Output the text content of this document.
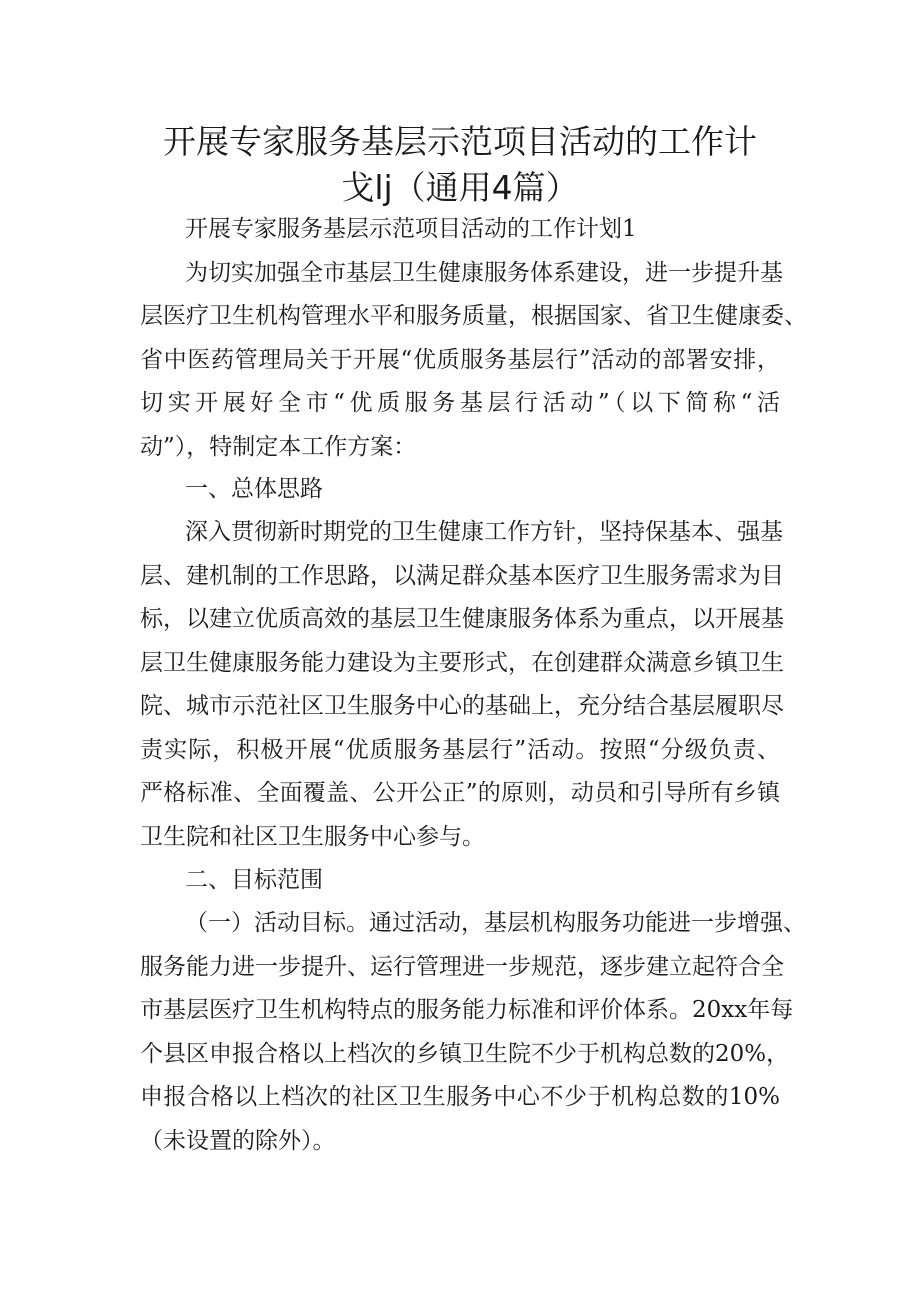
开展专家服务基层示范项目活动的工作计
戈lj（通用4篇）

开展专家服务基层示范项目活动的工作计划1

为切实加强全市基层卫生健康服务体系建设，进一步提升基

层医疗卫生机构管理水平和服务质量，根据国家、省卫生健康委、

省中医药管理局关于开展“优质服务基层行”活动的部署安排，

切实开展好全市“优质服务基层行活动”（以下简称“活

动”），特制定本工作方案：

一、总体思路

深入贯彻新时期党的卫生健康工作方针，坚持保基本、强基

层、建机制的工作思路，以满足群众基本医疗卫生服务需求为目

标，以建立优质高效的基层卫生健康服务体系为重点，以开展基

层卫生健康服务能力建设为主要形式，在创建群众满意乡镇卫生

院、城市示范社区卫生服务中心的基础上，充分结合基层履职尽

责实际，积极开展“优质服务基层行”活动。按照“分级负责、

严格标准、全面覆盖、公开公正”的原则，动员和引导所有乡镇

卫生院和社区卫生服务中心参与。

二、目标范围

（一）活动目标。通过活动，基层机构服务功能进一步增强、

服务能力进一步提升、运行管理进一步规范，逐步建立起符合全

市基层医疗卫生机构特点的服务能力标准和评价体系。20xx年每

个县区申报合格以上档次的乡镇卫生院不少于机构总数的20%，

申报合格以上档次的社区卫生服务中心不少于机构总数的10%

（未设置的除外）。
